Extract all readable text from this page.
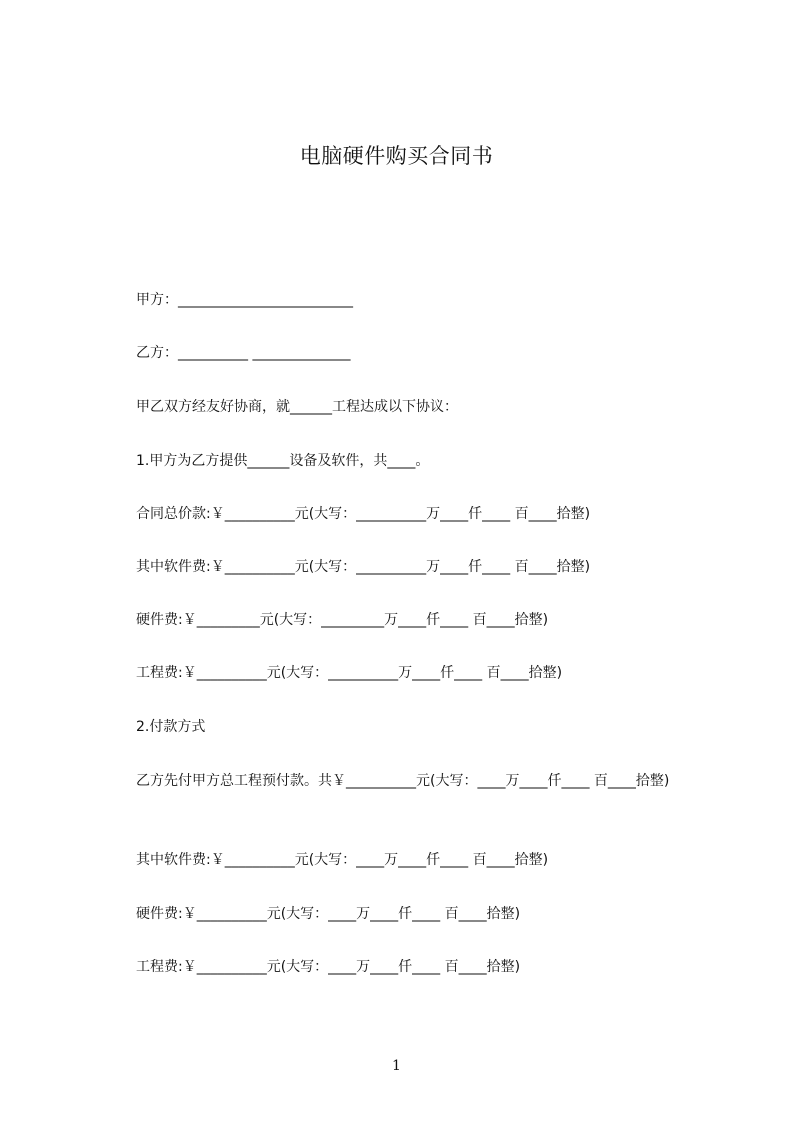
电脑硬件购买合同书
甲方：_________________________
乙方：__________ ______________
甲乙双方经友好协商，就______工程达成以下协议：
1.甲方为乙方提供______设备及软件，共____。
合同总价款:￥__________元(大写：__________万____仟____ 百____拾整)
其中软件费:￥__________元(大写：__________万____仟____ 百____拾整)
硬件费:￥_________元(大写：_________万____仟____ 百____拾整)
工程费:￥__________元(大写：__________万____仟____ 百____拾整)
2.付款方式
乙方先付甲方总工程预付款。共￥__________元(大写：____万____仟____ 百____拾整)
其中软件费:￥__________元(大写：____万____仟____ 百____拾整)
硬件费:￥__________元(大写：____万____仟____ 百____拾整)
工程费:￥__________元(大写：____万____仟____ 百____拾整)
1
